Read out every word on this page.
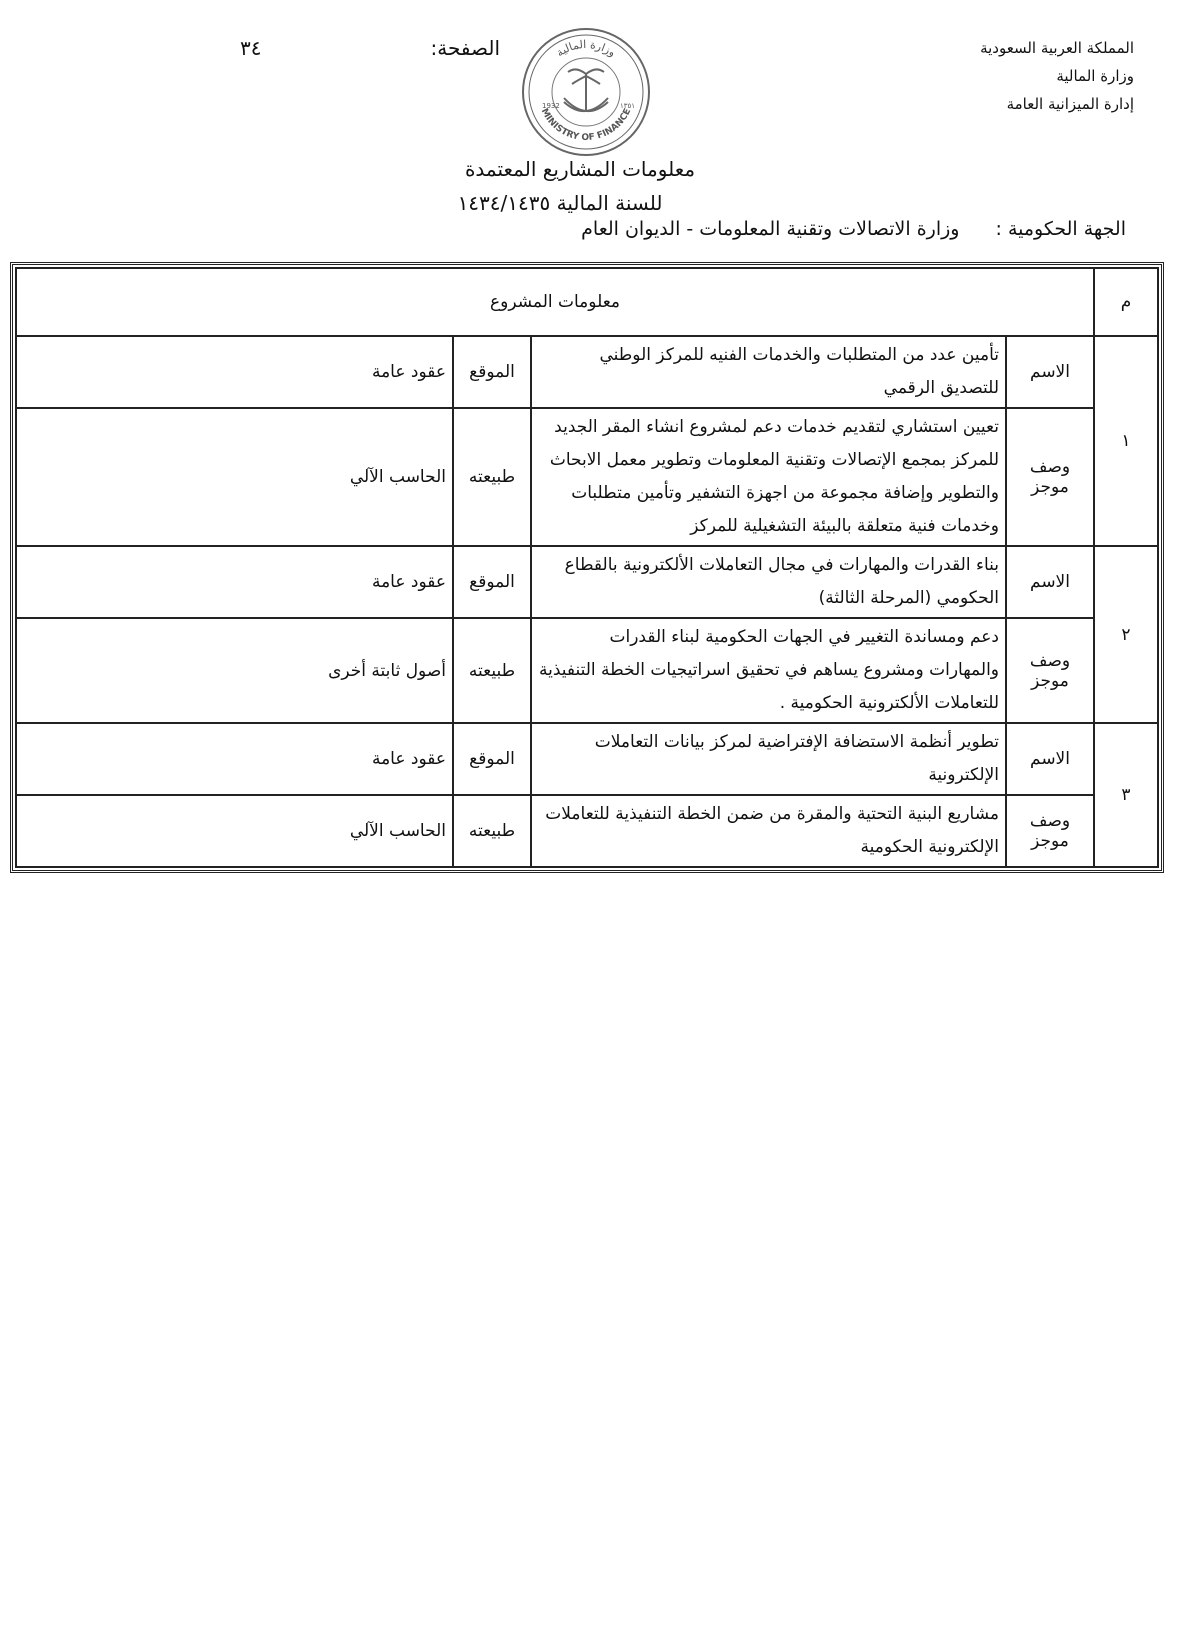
المملكة العربية السعودية
وزارة المالية
إدارة الميزانية العامة
الصفحة:
٣٤	وزارة المالية
MINISTRY OF FINANCE
1932	١٣٥١
معلومات المشاريع المعتمدة
للسنة المالية ١٤٣٤/١٤٣٥
الجهة الحكومية : وزارة الاتصالات وتقنية المعلومات - الديوان العام
م	معلومات المشروع			
١	الاسم	تأمين عدد من المتطلبات والخدمات الفنيه للمركز الوطني للتصديق الرقمي	الموقع	عقود عامة
	وصف موجز	تعيين استشاري لتقديم خدمات دعم لمشروع انشاء المقر الجديد للمركز بمجمع الإتصالات وتقنية المعلومات وتطوير معمل الابحاث والتطوير وإضافة مجموعة من اجهزة التشفير وتأمين متطلبات وخدمات فنية متعلقة بالبيئة التشغيلية للمركز	طبيعته	الحاسب الآلي
٢	الاسم	بناء القدرات والمهارات في مجال التعاملات الألكترونية بالقطاع الحكومي (المرحلة الثالثة)	الموقع	عقود عامة
	وصف موجز	دعم ومساندة التغيير في الجهات الحكومية لبناء القدرات والمهارات ومشروع يساهم في تحقيق اسراتيجيات الخطة التنفيذية للتعاملات الألكترونية الحكومية .	طبيعته	أصول ثابتة أخرى
٣	الاسم	تطوير أنظمة الاستضافة الإفتراضية لمركز بيانات التعاملات الإلكترونية	الموقع	عقود عامة
	وصف موجز	مشاريع البنية التحتية والمقرة من ضمن الخطة التنفيذية للتعاملات الإلكترونية الحكومية	طبيعته	الحاسب الآلي
